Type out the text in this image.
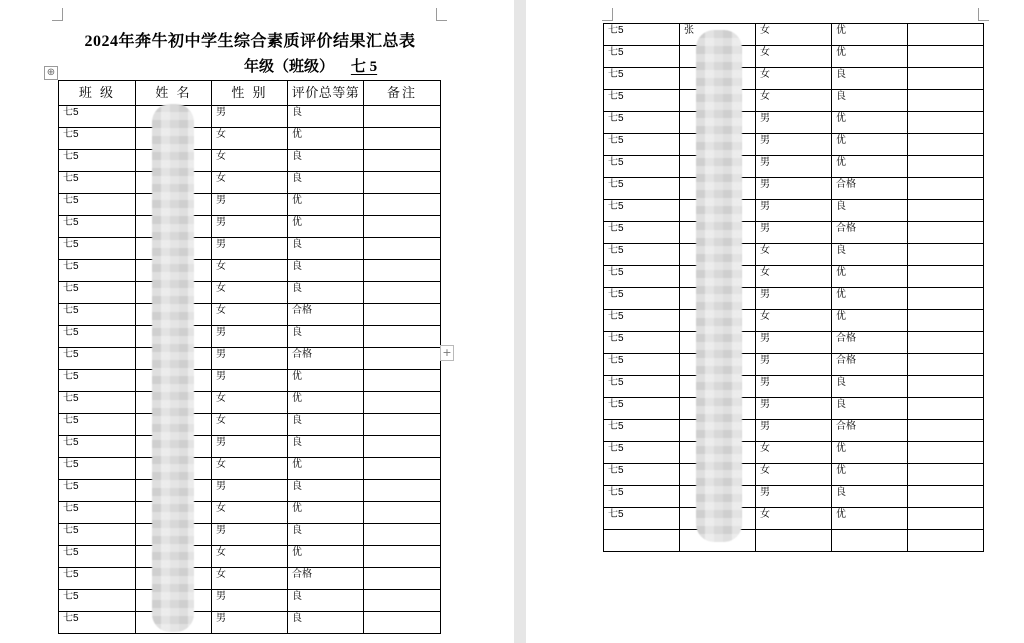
2024年奔牛初中学生综合素质评价结果汇总表
年级（班级） 七 5
⊕
班 级	姓 名	性 别	评价总等第	备注
七5		男	良	
七5		女	优	
七5		女	良	
七5		女	良	
七5		男	优	
七5		男	优	
七5		男	良	
七5		女	良	
七5		女	良	
七5		女	合格	
七5		男	良	
七5		男	合格	
七5		男	优	
七5		女	优	
七5		女	良	
七5		男	良	
七5		女	优	
七5		男	良	
七5		女	优	
七5		男	良	
七5		女	优	
七5		女	合格	
七5		男	良	
七5		男	良	
+
七5	张	女	优	
七5		女	优	
七5		女	良	
七5		女	良	
七5		男	优	
七5		男	优	
七5		男	优	
七5		男	合格	
七5		男	良	
七5		男	合格	
七5		女	良	
七5		女	优	
七5		男	优	
七5		女	优	
七5		男	合格	
七5		男	合格	
七5		男	良	
七5		男	良	
七5		男	合格	
七5		女	优	
七5		女	优	
七5		男	良	
七5		女	优	
